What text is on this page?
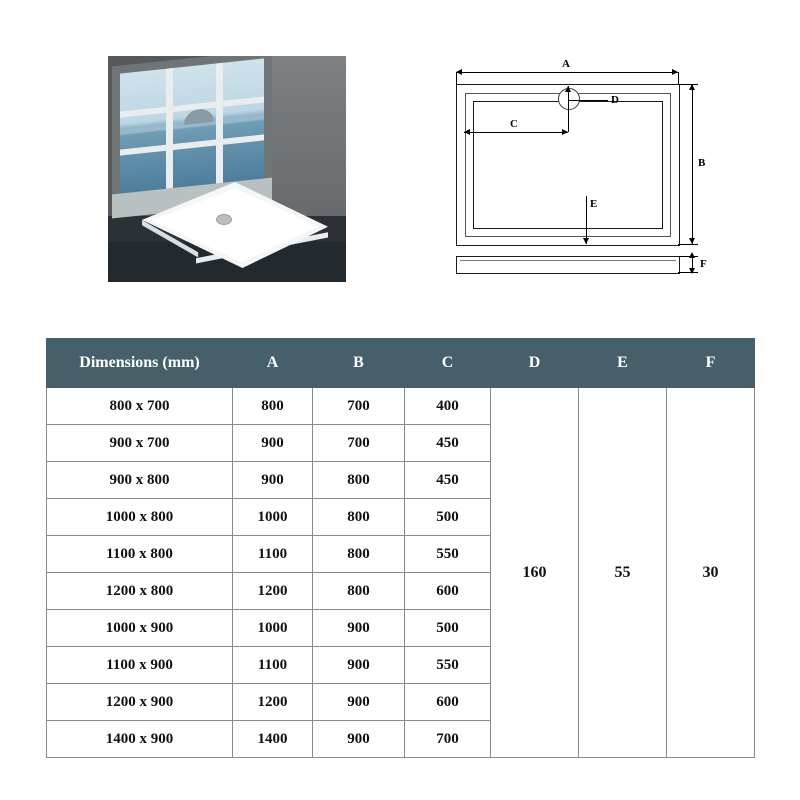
A
D
C
E
B
F
Dimensions (mm)	A	B	C	D	E	F
800 x 700	800	700	400	160	55	30
900 x 700	900	700	450			
900 x 800	900	800	450			
1000 x 800	1000	800	500			
1100 x 800	1100	800	550			
1200 x 800	1200	800	600			
1000 x 900	1000	900	500			
1100 x 900	1100	900	550			
1200 x 900	1200	900	600			
1400 x 900	1400	900	700			
